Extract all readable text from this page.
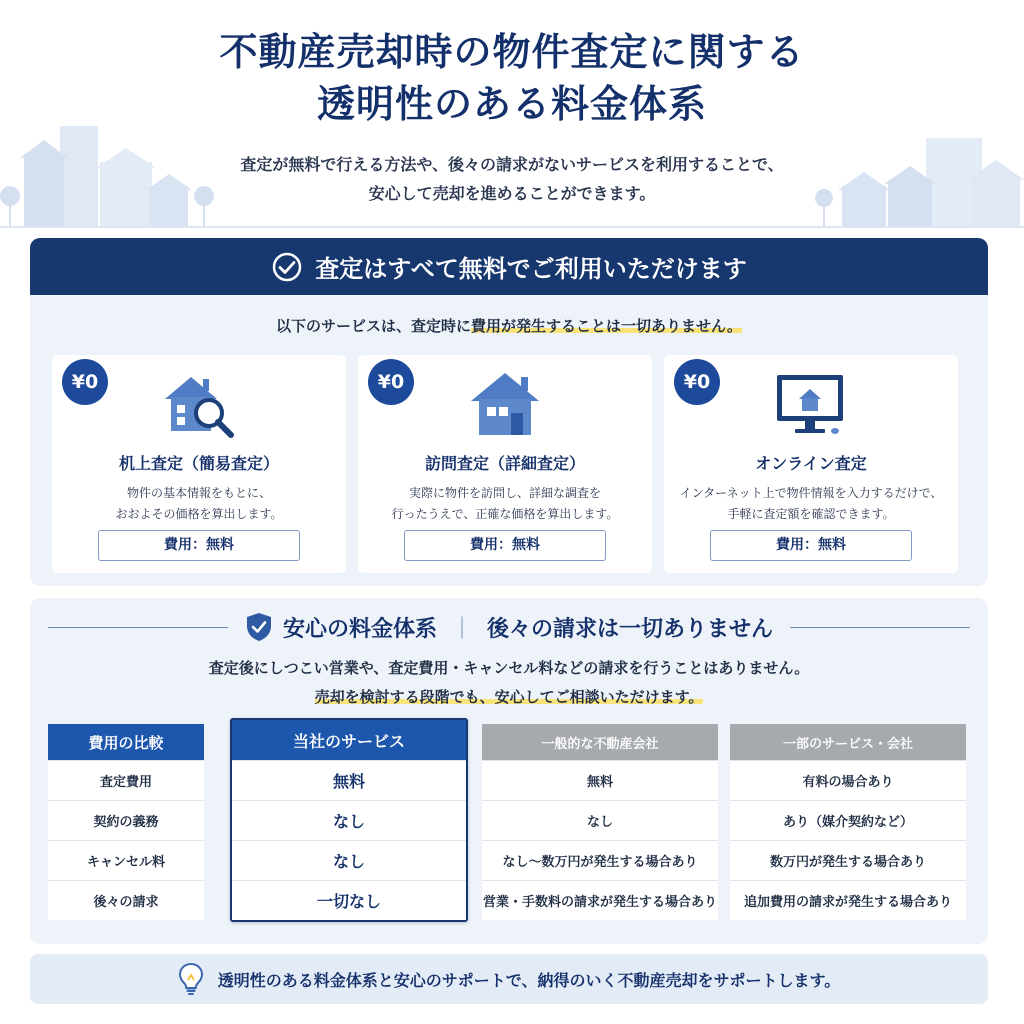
不動産売却時の物件査定に関する
透明性のある料金体系
査定が無料で行える方法や、後々の請求がないサービスを利用することで、
安心して売却を進めることができます。
査定はすべて無料でご利用いただけます
以下のサービスは、査定時に費用が発生することは一切ありません。
¥0
机上査定（簡易査定）
物件の基本情報をもとに、
おおよその価格を算出します。
費用：無料
¥0
訪問査定（詳細査定）
実際に物件を訪問し、詳細な調査を
行ったうえで、正確な価格を算出します。
費用：無料
¥0
オンライン査定
インターネット上で物件情報を入力するだけで、
手軽に査定額を確認できます。
費用：無料
安心の料金体系 ｜ 後々の請求は一切ありません
査定後にしつこい営業や、査定費用・キャンセル料などの請求を行うことはありません。
売却を検討する段階でも、安心してご相談いただけます。
費用の比較
査定費用
契約の義務
キャンセル料
後々の請求
当社のサービス
無料
なし
なし
一切なし
一般的な不動産会社
無料
なし
なし～数万円が発生する場合あり
営業・手数料の請求が発生する場合あり
一部のサービス・会社
有料の場合あり
あり（媒介契約など）
数万円が発生する場合あり
追加費用の請求が発生する場合あり
透明性のある料金体系と安心のサポートで、納得のいく不動産売却をサポートします。
